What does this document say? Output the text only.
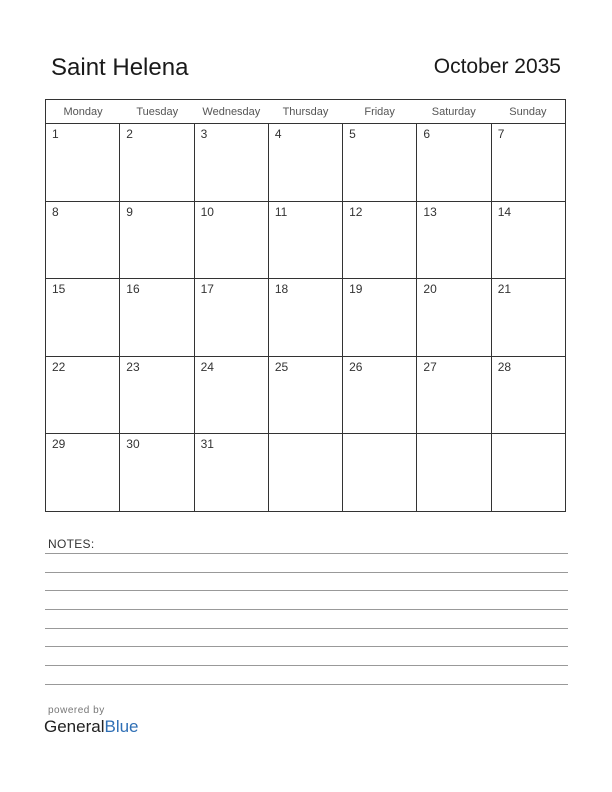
Saint Helena	October 2035
Monday	Tuesday	Wednesday	Thursday	Friday	Saturday	Sunday
1	2	3	4	5	6	7
8	9	10	11	12	13	14
15	16	17	18	19	20	21
22	23	24	25	26	27	28
29	30	31
NOTES:
powered by
GeneralBlue
